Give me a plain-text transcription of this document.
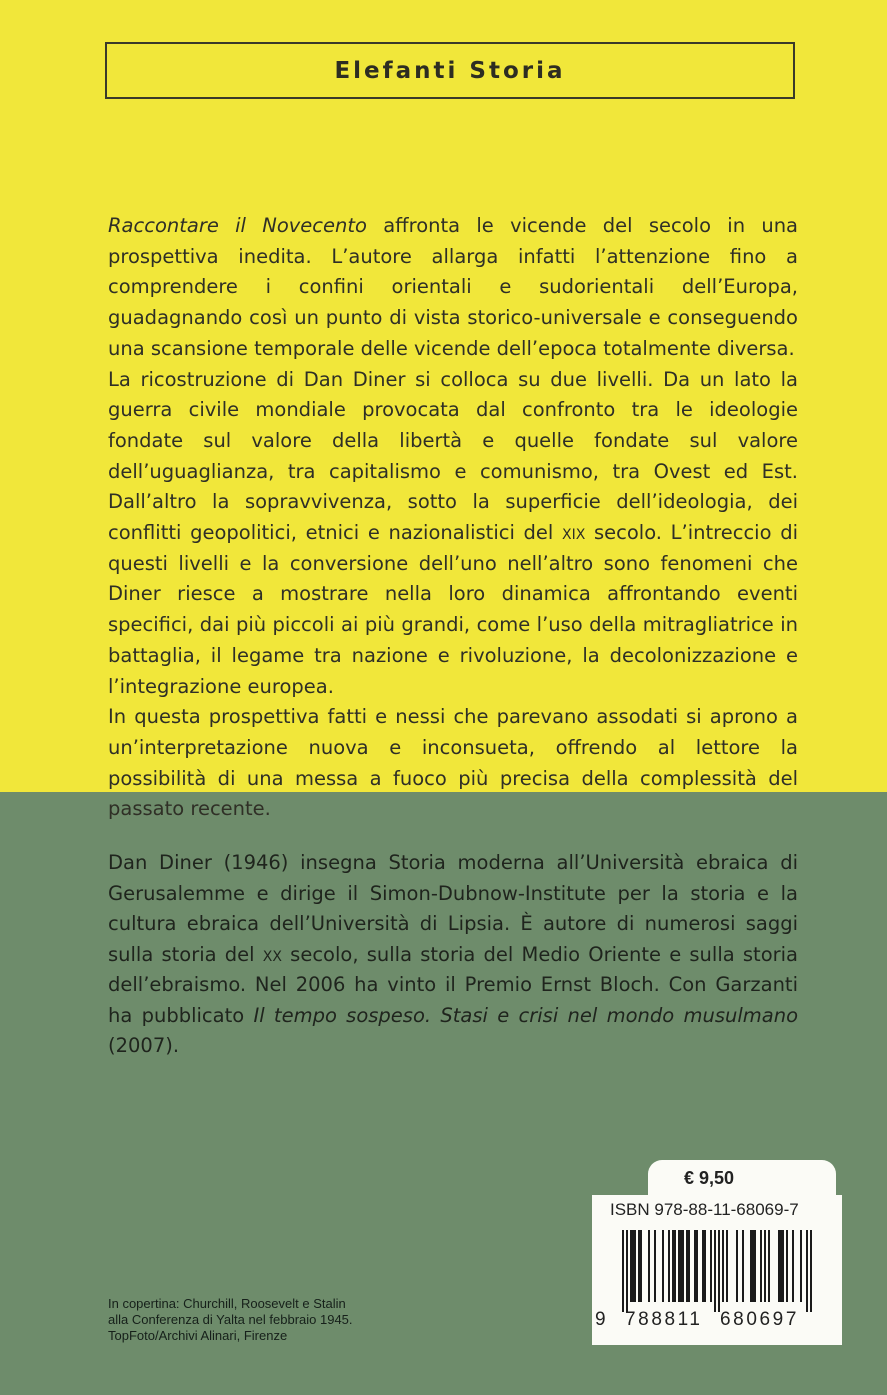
Elefanti Storia

Raccontare il Novecento affronta le vicende del secolo in una prospettiva inedita. L’autore allarga infatti l’attenzione fino a comprendere i confini orientali e sudorientali dell’Europa, guadagnando così un punto di vista storico-universale e conseguendo una scansione temporale delle vicende dell’epoca totalmente diversa.

La ricostruzione di Dan Diner si colloca su due livelli. Da un lato la guerra civile mondiale provocata dal confronto tra le ideologie fondate sul valore della libertà e quelle fondate sul valore dell’uguaglianza, tra capitalismo e comunismo, tra Ovest ed Est. Dall’altro la sopravvivenza, sotto la superficie dell’ideologia, dei conflitti geopolitici, etnici e nazionalistici del xix secolo. L’intreccio di questi livelli e la conversione dell’uno nell’altro sono fenomeni che Diner riesce a mostrare nella loro dinamica affrontando eventi specifici, dai più piccoli ai più grandi, come l’uso della mitragliatrice in battaglia, il legame tra nazione e rivoluzione, la decolonizzazione e l’integrazione europea.

In questa prospettiva fatti e nessi che parevano assodati si aprono a un’interpretazione nuova e inconsueta, offrendo al lettore la possibilità di una messa a fuoco più precisa della complessità del passato recente.

Dan Diner (1946) insegna Storia moderna all’Università ebraica di Gerusalemme e dirige il Simon-Dubnow-Institute per la storia e la cultura ebraica dell’Università di Lipsia. È autore di numerosi saggi sulla storia del xx secolo, sulla storia del Medio Oriente e sulla storia dell’ebraismo. Nel 2006 ha vinto il Premio Ernst Bloch. Con Garzanti ha pubblicato Il tempo sospeso. Stasi e crisi nel mondo musulmano (2007).

In copertina: Churchill, Roosevelt e Stalin
alla Conferenza di Yalta nel febbraio 1945.
TopFoto/Archivi Alinari, Firenze
€ 9,50
ISBN 978-88-11-68069-7
9 788811 680697
